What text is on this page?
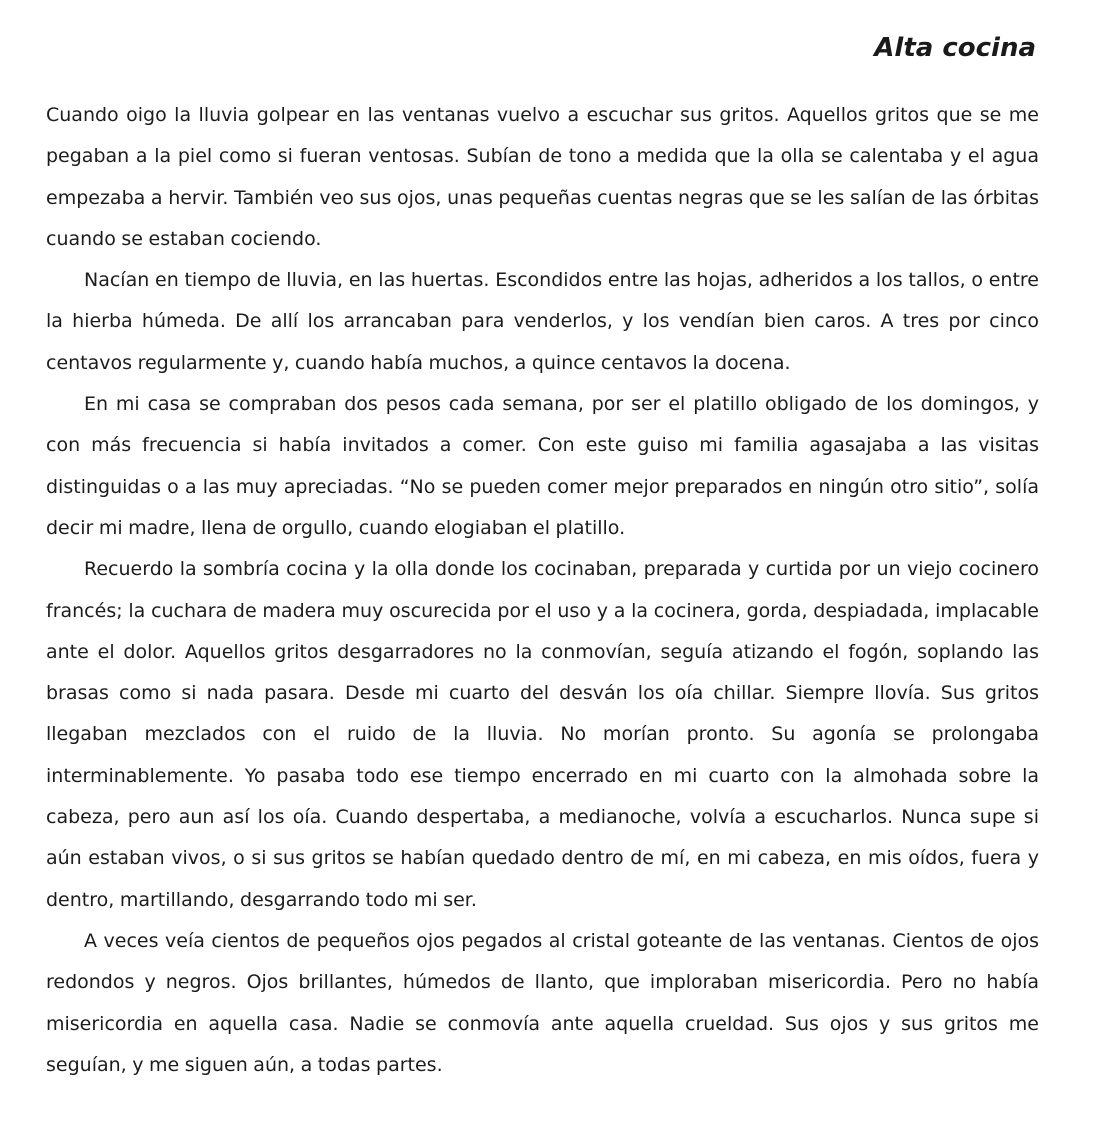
Alta cocina

Cuando oigo la lluvia golpear en las ventanas vuelvo a escuchar sus gritos. Aquellos gritos que se me pegaban a la piel como si fueran ventosas. Subían de tono a medida que la olla se calentaba y el agua empezaba a hervir. También veo sus ojos, unas pequeñas cuentas negras que se les salían de las órbitas cuando se estaban cociendo.

Nacían en tiempo de lluvia, en las huertas. Escondidos entre las hojas, adheridos a los tallos, o entre la hierba húmeda. De allí los arrancaban para venderlos, y los vendían bien caros. A tres por cinco centavos regularmente y, cuando había muchos, a quince centavos la docena.

En mi casa se compraban dos pesos cada semana, por ser el platillo obligado de los domingos, y con más frecuencia si había invitados a comer. Con este guiso mi familia agasajaba a las visitas distinguidas o a las muy apreciadas. “No se pueden comer mejor preparados en ningún otro sitio”, solía decir mi madre, llena de orgullo, cuando elogiaban el platillo.

Recuerdo la sombría cocina y la olla donde los cocinaban, preparada y curtida por un viejo cocinero francés; la cuchara de madera muy oscurecida por el uso y a la cocinera, gorda, despiadada, implacable ante el dolor. Aquellos gritos desgarradores no la conmovían, seguía atizando el fogón, soplando las brasas como si nada pasara. Desde mi cuarto del desván los oía chillar. Siempre llovía. Sus gritos llegaban mezclados con el ruido de la lluvia. No morían pronto. Su agonía se prolongaba interminablemente. Yo pasaba todo ese tiempo encerrado en mi cuarto con la almohada sobre la cabeza, pero aun así los oía. Cuando despertaba, a medianoche, volvía a escucharlos. Nunca supe si aún estaban vivos, o si sus gritos se habían quedado dentro de mí, en mi cabeza, en mis oídos, fuera y dentro, martillando, desgarrando todo mi ser.

A veces veía cientos de pequeños ojos pegados al cristal goteante de las ventanas. Cientos de ojos redondos y negros. Ojos brillantes, húmedos de llanto, que imploraban misericordia. Pero no había misericordia en aquella casa. Nadie se conmovía ante aquella crueldad. Sus ojos y sus gritos me seguían, y me siguen aún, a todas partes.
